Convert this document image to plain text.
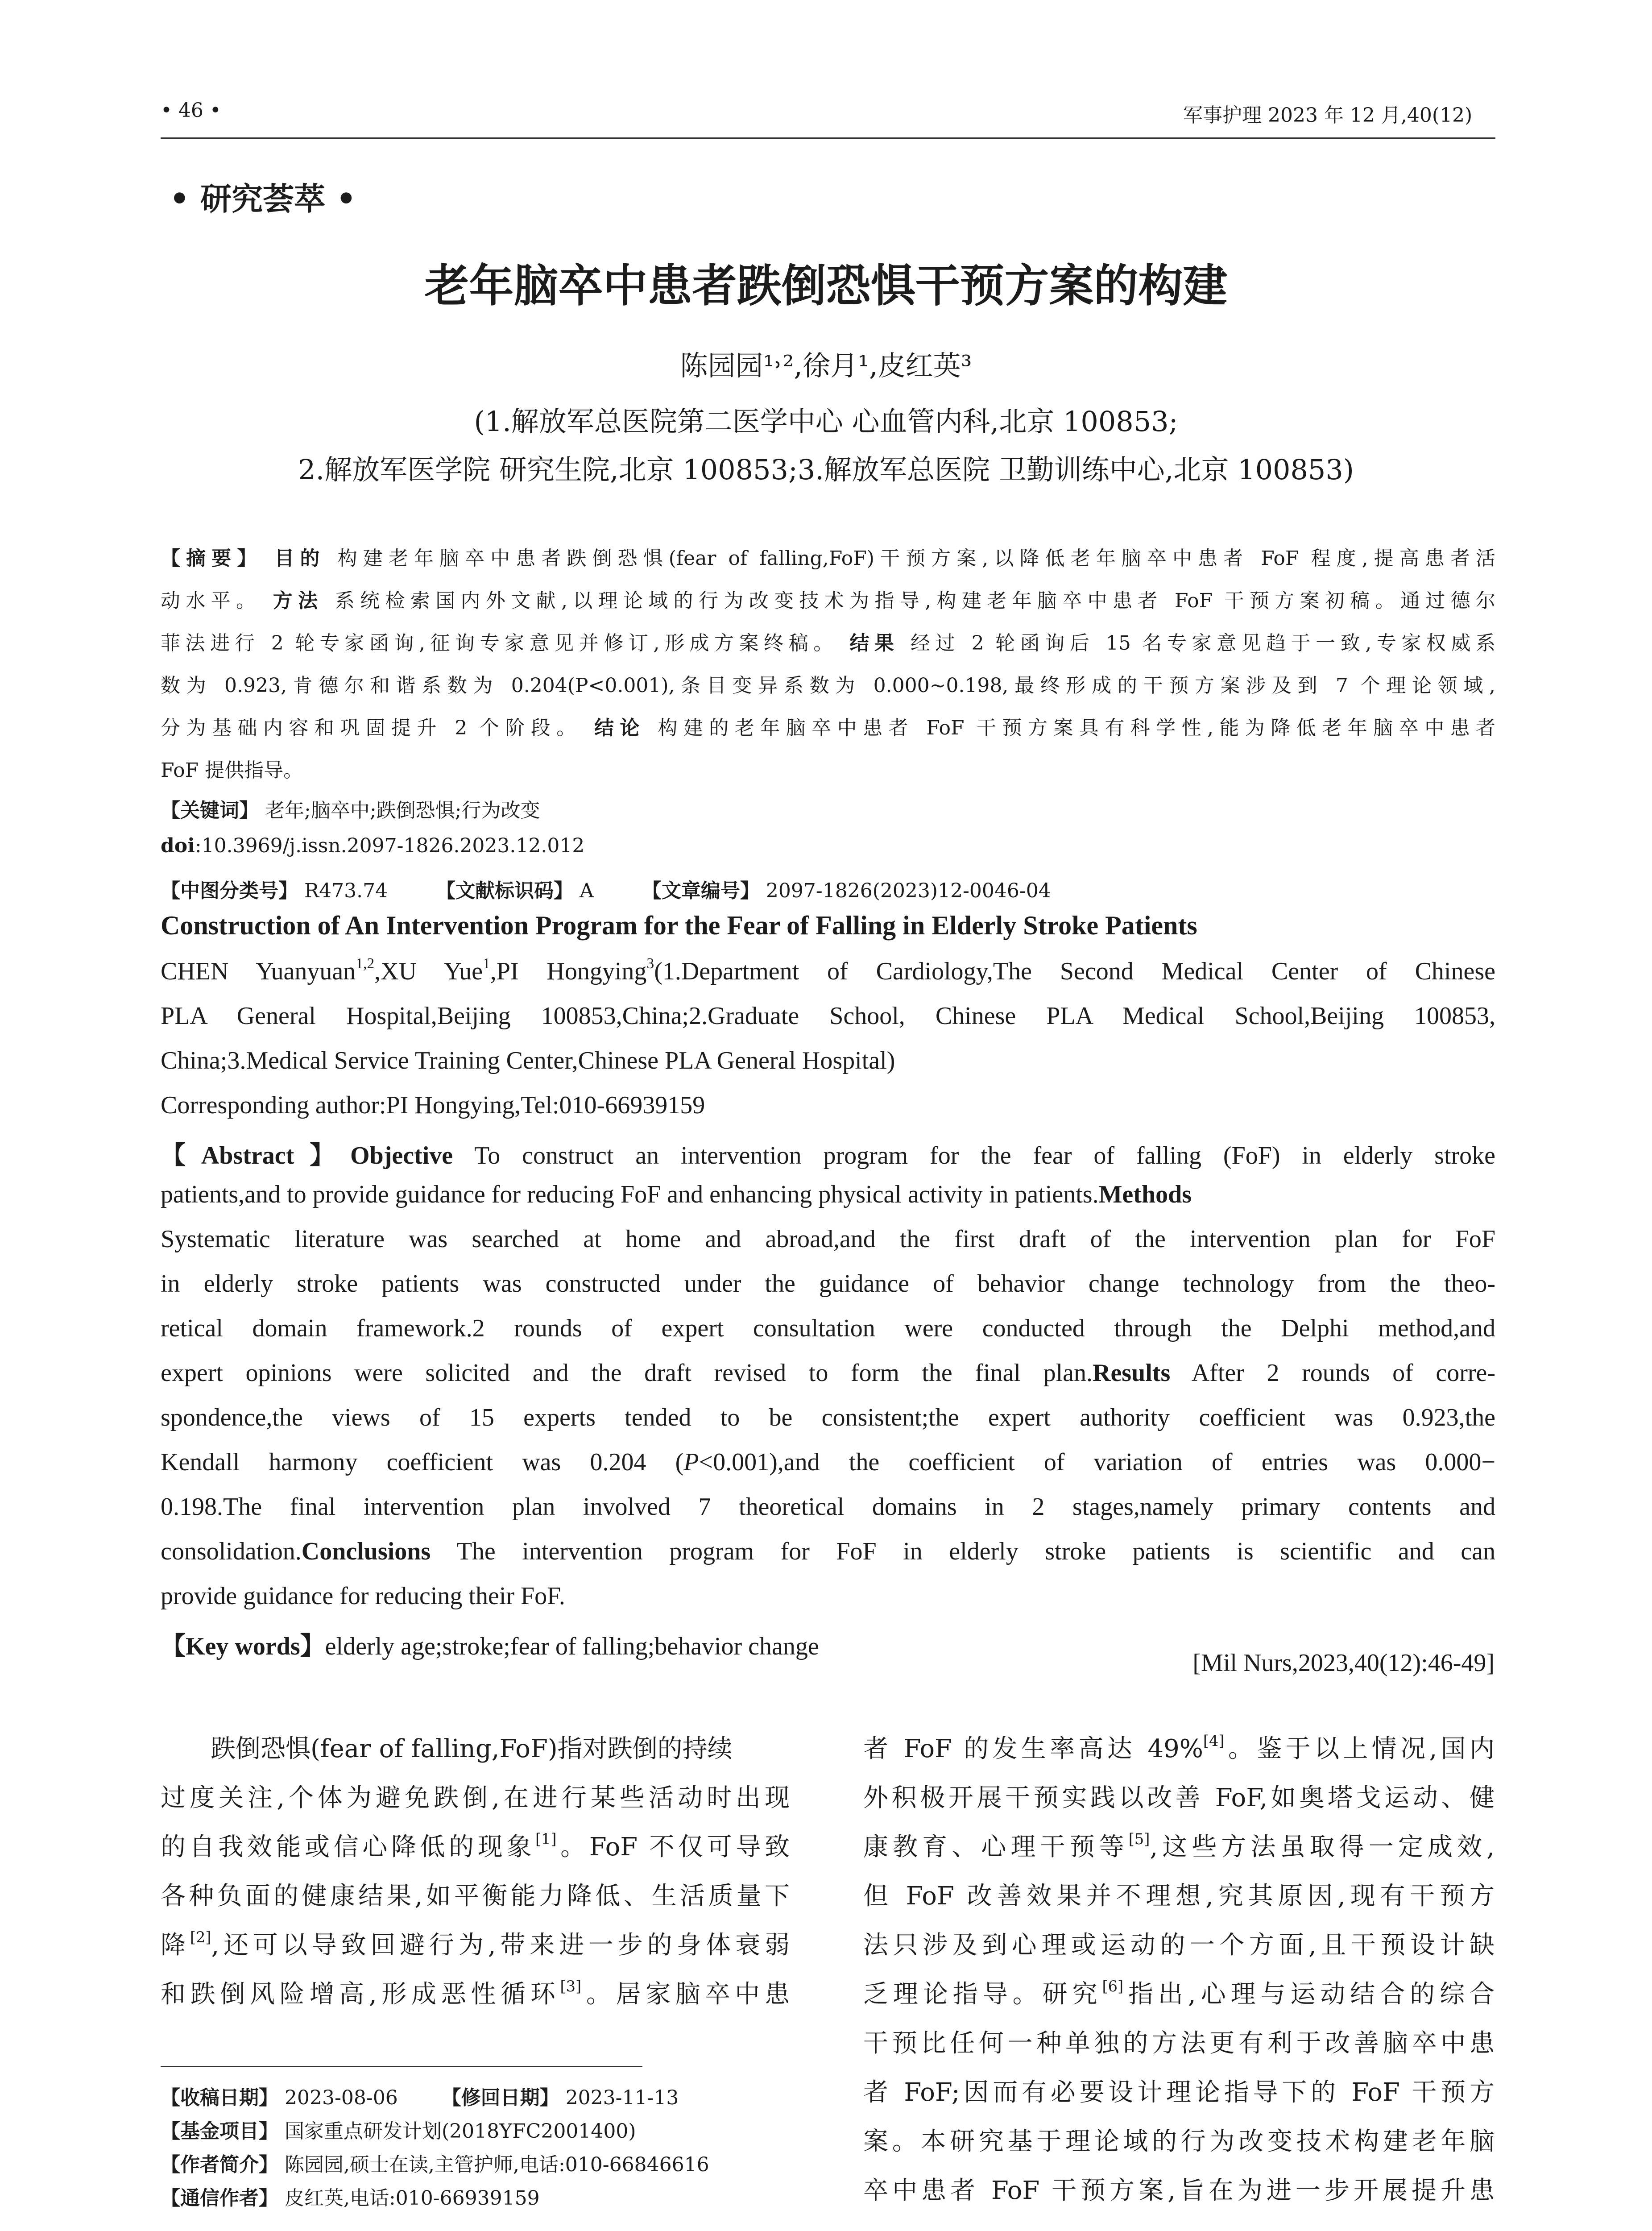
• 46 •	军事护理 2023 年 12 月,40(12)
• 研究荟萃 •
老年脑卒中患者跌倒恐惧干预方案的构建
陈园园¹˒²,徐月¹,皮红英³
(1.解放军总医院第二医学中心 心血管内科,北京 100853;
2.解放军医学院 研究生院,北京 100853;3.解放军总医院 卫勤训练中心,北京 100853)
【摘要】 目的 构建老年脑卒中患者跌倒恐惧(fear of falling,FoF)干预方案,以降低老年脑卒中患者 FoF 程度,提高患者活
动水平。 方法 系统检索国内外文献,以理论域的行为改变技术为指导,构建老年脑卒中患者 FoF 干预方案初稿。通过德尔
菲法进行 2 轮专家函询,征询专家意见并修订,形成方案终稿。 结果 经过 2 轮函询后 15 名专家意见趋于一致,专家权威系
数为 0.923,肯德尔和谐系数为 0.204(P<0.001),条目变异系数为 0.000~0.198,最终形成的干预方案涉及到 7 个理论领域,
分为基础内容和巩固提升 2 个阶段。 结论 构建的老年脑卒中患者 FoF 干预方案具有科学性,能为降低老年脑卒中患者
FoF 提供指导。
【关键词】 老年;脑卒中;跌倒恐惧;行为改变
doi:10.3969/j.issn.2097-1826.2023.12.012
【中图分类号】 R473.74 【文献标识码】 A 【文章编号】 2097-1826(2023)12-0046-04
Construction of An Intervention Program for the Fear of Falling in Elderly Stroke Patients
CHEN Yuanyuan$^{1,2}$,XU Yue$^1$,PI Hongying$^3$(1.Department of Cardiology,The Second Medical Center of Chinese
PLA General Hospital,Beijing 100853,China;2.Graduate School, Chinese PLA Medical School,Beijing 100853,
China;3.Medical Service Training Center,Chinese PLA General Hospital)
Corresponding author:PI Hongying,Tel:010-66939159
【Abstract】Objective To construct an intervention program for the fear of falling (FoF) in elderly stroke
patients,and to provide guidance for reducing FoF and enhancing physical activity in patients.Methods
Systematic literature was searched at home and abroad,and the first draft of the intervention plan for FoF
in elderly stroke patients was constructed under the guidance of behavior change technology from the theo-
retical domain framework.2 rounds of expert consultation were conducted through the Delphi method,and
expert opinions were solicited and the draft revised to form the final plan.Results After 2 rounds of corre-
spondence,the views of 15 experts tended to be consistent;the expert authority coefficient was 0.923,the
Kendall harmony coefficient was 0.204 (P<0.001),and the coefficient of variation of entries was 0.000−
0.198.The final intervention plan involved 7 theoretical domains in 2 stages,namely primary contents and
consolidation.Conclusions The intervention program for FoF in elderly stroke patients is scientific and can
provide guidance for reducing their FoF.
【Key words】elderly age;stroke;fear of falling;behavior change
[Mil Nurs,2023,40(12):46-49]
跌倒恐惧(fear of falling,FoF)指对跌倒的持续
过度关注,个体为避免跌倒,在进行某些活动时出现
的自我效能或信心降低的现象[1]。FoF 不仅可导致
各种负面的健康结果,如平衡能力降低、生活质量下
降[2],还可以导致回避行为,带来进一步的身体衰弱
和跌倒风险增高,形成恶性循环[3]。居家脑卒中患
【收稿日期】 2023-08-06 【修回日期】 2023-11-13
【基金项目】 国家重点研发计划(2018YFC2001400)
【作者简介】 陈园园,硕士在读,主管护师,电话:010-66846616
【通信作者】 皮红英,电话:010-66939159
者 FoF 的发生率高达 49%[4]。鉴于以上情况,国内
外积极开展干预实践以改善 FoF,如奥塔戈运动、健
康教育、心理干预等[5],这些方法虽取得一定成效,
但 FoF 改善效果并不理想,究其原因,现有干预方
法只涉及到心理或运动的一个方面,且干预设计缺
乏理论指导。研究[6]指出,心理与运动结合的综合
干预比任何一种单独的方法更有利于改善脑卒中患
者 FoF;因而有必要设计理论指导下的 FoF 干预方
案。本研究基于理论域的行为改变技术构建老年脑
卒中患者 FoF 干预方案,旨在为进一步开展提升患
